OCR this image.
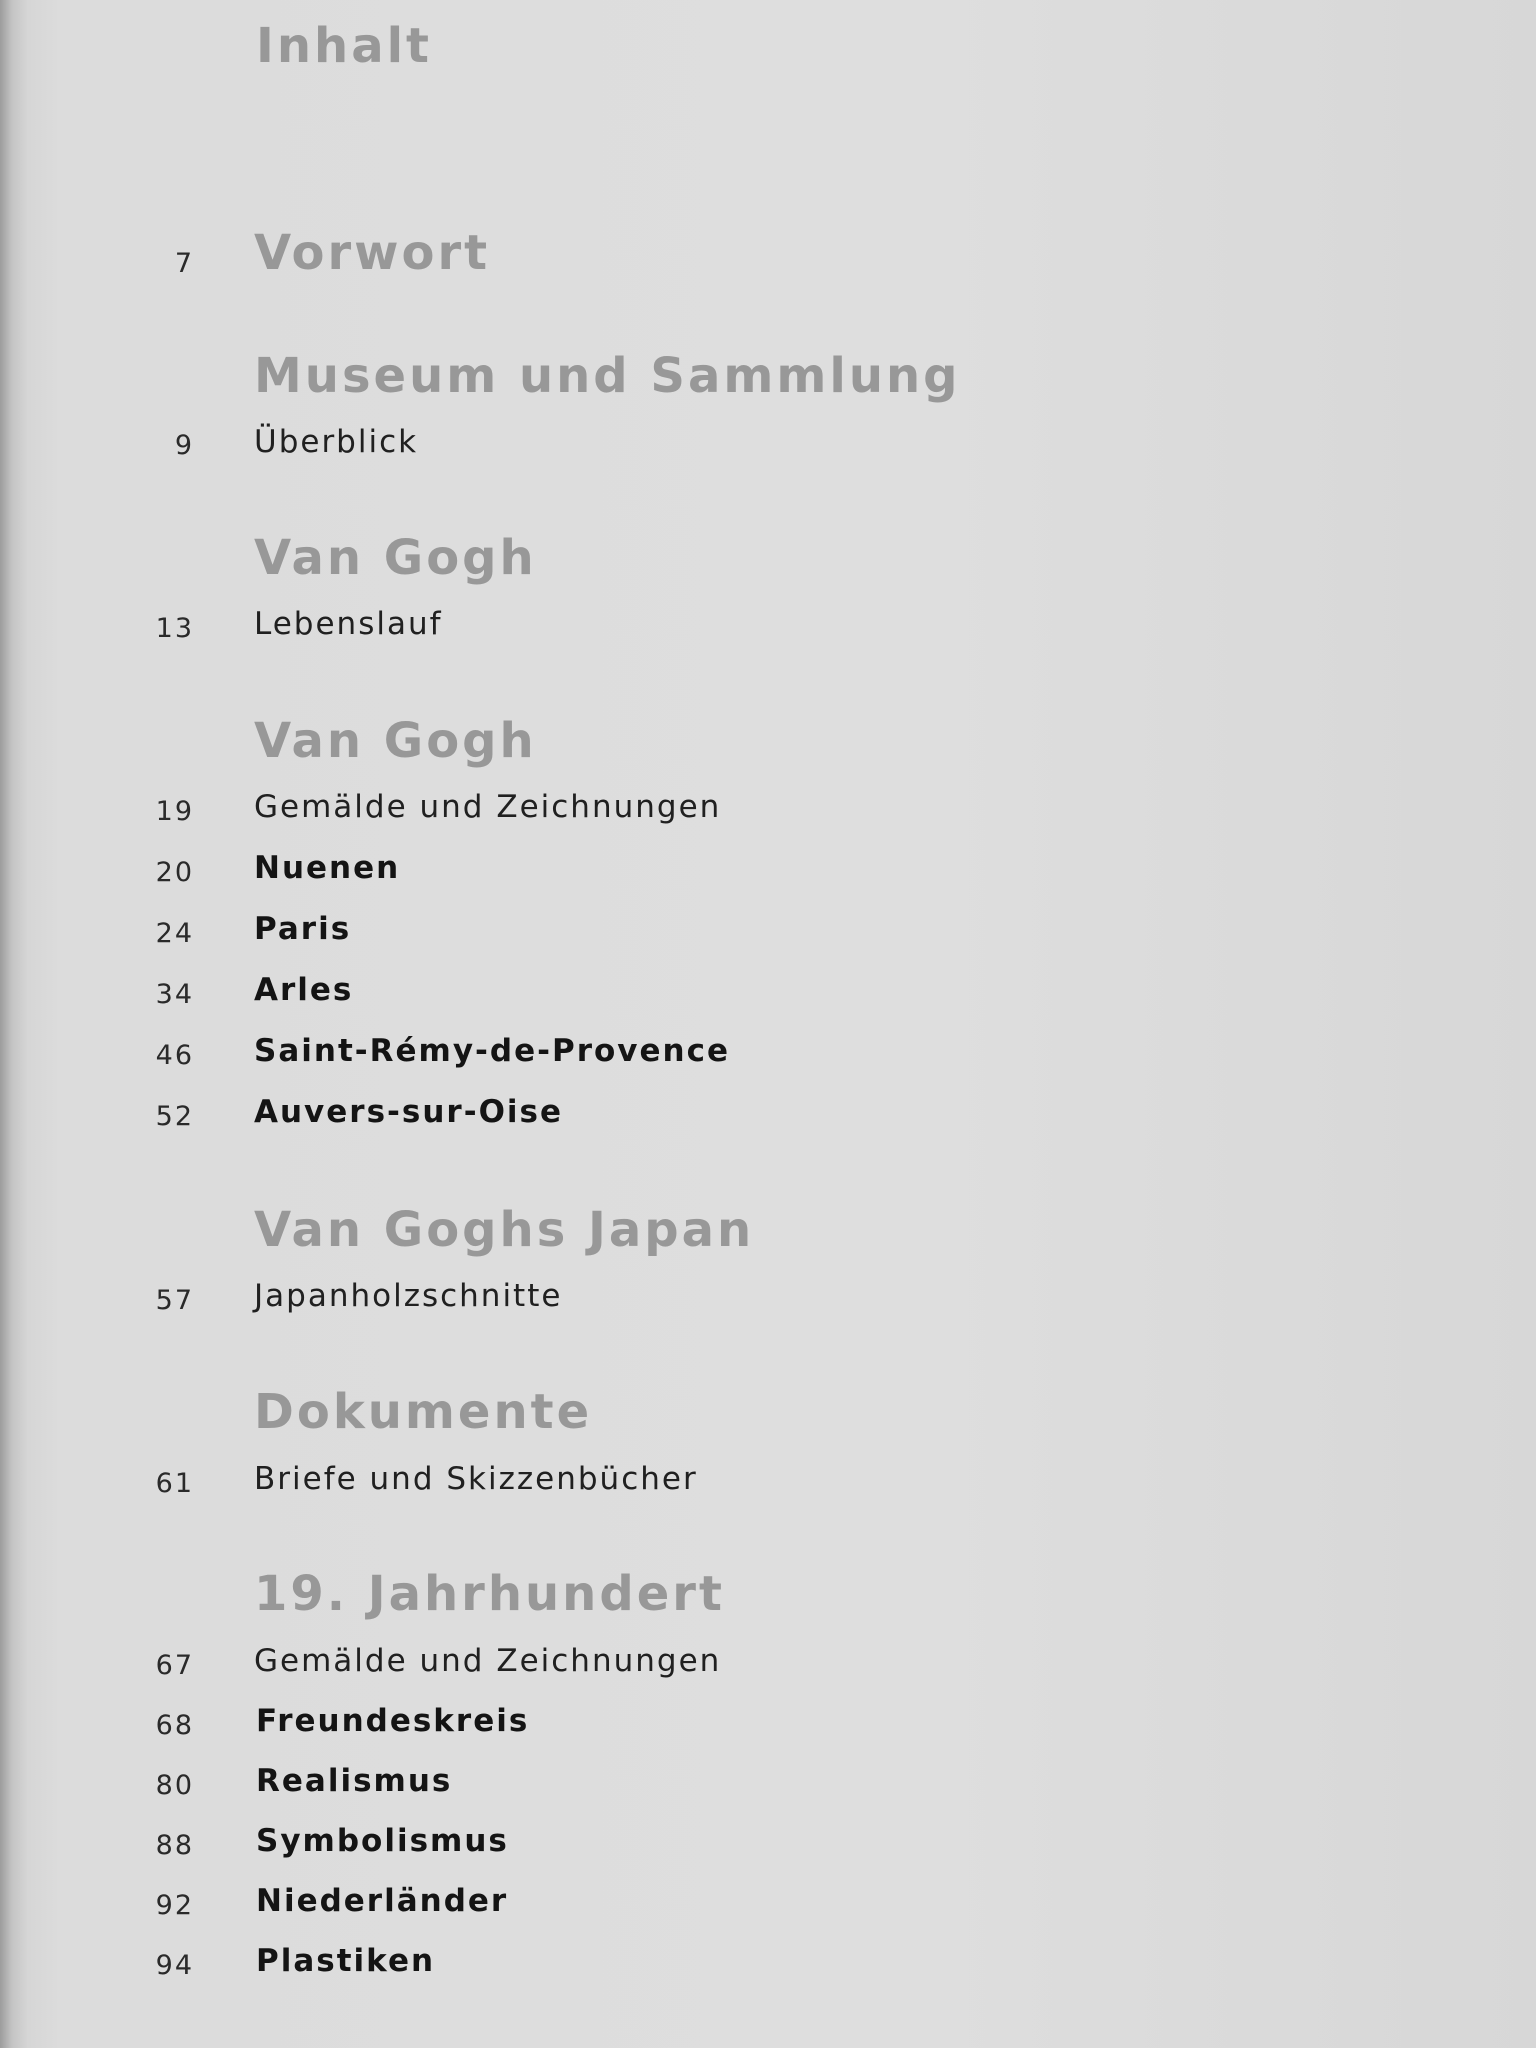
Inhalt
7 Vorwort
Museum und Sammlung
9 Überblick
Van Gogh
13 Lebenslauf
Van Gogh
19 Gemälde und Zeichnungen
20 Nuenen
24 Paris
34 Arles
46 Saint-Rémy-de-Provence
52 Auvers-sur-Oise
Van Goghs Japan
57 Japanholzschnitte
Dokumente
61 Briefe und Skizzenbücher
19. Jahrhundert
67 Gemälde und Zeichnungen
68 Freundeskreis
80 Realismus
88 Symbolismus
92 Niederländer
94 Plastiken
